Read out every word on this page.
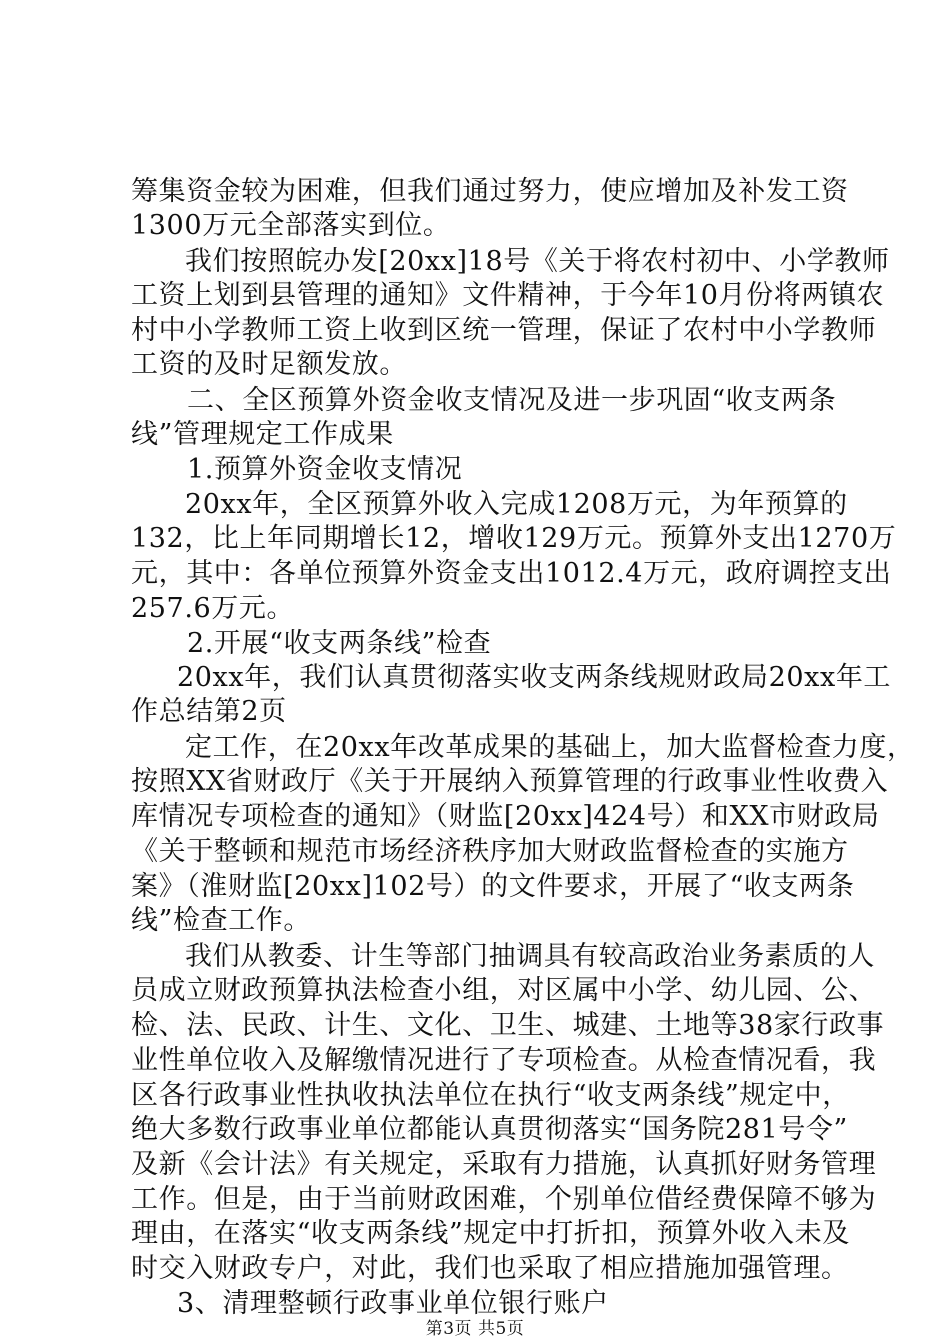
筹集资金较为困难，但我们通过努力，使应增加及补发工资
1300万元全部落实到位。
我们按照皖办发[20xx]18号《关于将农村初中、小学教师
工资上划到县管理的通知》文件精神，于今年10月份将两镇农
村中小学教师工资上收到区统一管理，保证了农村中小学教师
工资的及时足额发放。
二、全区预算外资金收支情况及进一步巩固“收支两条
线”管理规定工作成果
1.预算外资金收支情况
20xx年，全区预算外收入完成1208万元，为年预算的
132，比上年同期增长12，增收129万元。预算外支出1270万
元，其中：各单位预算外资金支出1012.4万元，政府调控支出
257.6万元。
2.开展“收支两条线”检查
20xx年，我们认真贯彻落实收支两条线规财政局20xx年工
作总结第2页
定工作，在20xx年改革成果的基础上，加大监督检查力度，
按照XX省财政厅《关于开展纳入预算管理的行政事业性收费入
库情况专项检查的通知》（财监[20xx]424号）和XX市财政局
《关于整顿和规范市场经济秩序加大财政监督检查的实施方
案》（淮财监[20xx]102号）的文件要求，开展了“收支两条
线”检查工作。
我们从教委、计生等部门抽调具有较高政治业务素质的人
员成立财政预算执法检查小组，对区属中小学、幼儿园、公、
检、法、民政、计生、文化、卫生、城建、土地等38家行政事
业性单位收入及解缴情况进行了专项检查。从检查情况看，我
区各行政事业性执收执法单位在执行“收支两条线”规定中，
绝大多数行政事业单位都能认真贯彻落实“国务院281号令”
及新《会计法》有关规定，采取有力措施，认真抓好财务管理
工作。但是，由于当前财政困难，个别单位借经费保障不够为
理由，在落实“收支两条线”规定中打折扣，预算外收入未及
时交入财政专户，对此，我们也采取了相应措施加强管理。
3、清理整顿行政事业单位银行账户
第3页 共5页
